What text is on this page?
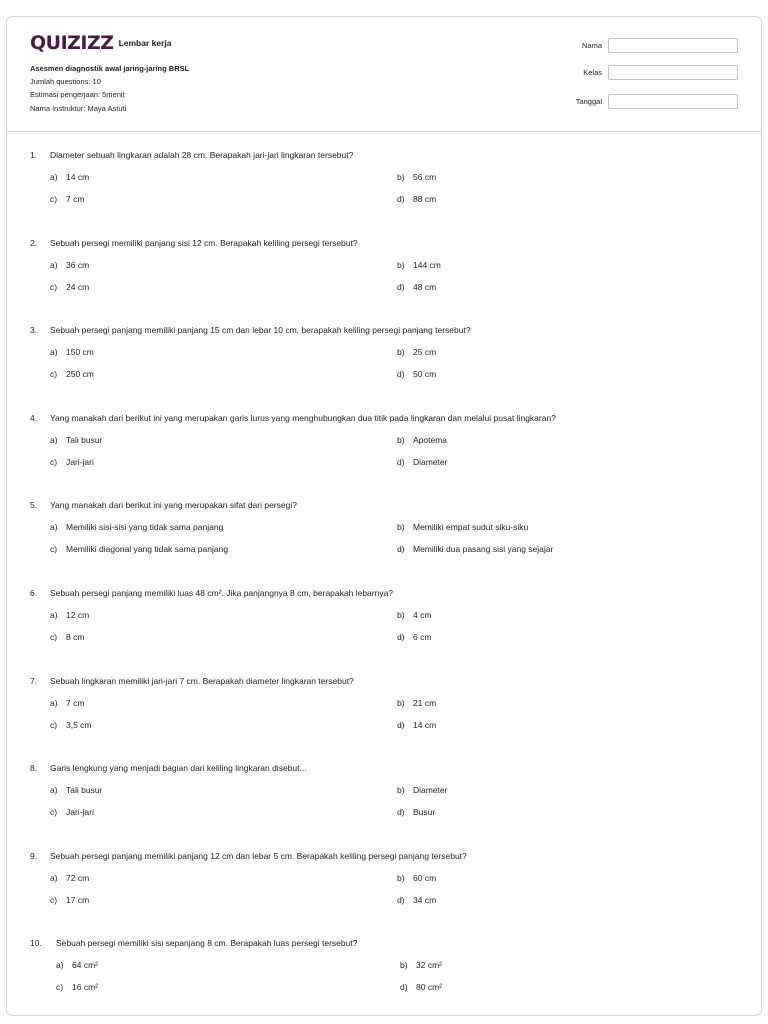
QUIZIZZ Lembar kerja
Asesmen diagnostik awal jaring-jaring BRSL
Jumlah questions: 10
Estimasi pengerjaan: 5menit
Nama Instruktur: Maya Astuti
Nama
Kelas
Tanggal
1. Diameter sebuah lingkaran adalah 28 cm. Berapakah jari-jari lingkaran tersebut?
a) 14 cm	b) 56 cm
c) 7 cm	d) 88 cm
2. Sebuah persegi memiliki panjang sisi 12 cm. Berapakah keliling persegi tersebut?
a) 36 cm	b) 144 cm
c) 24 cm	d) 48 cm
3. Sebuah persegi panjang memiliki panjang 15 cm dan lebar 10 cm. berapakah keliling persegi panjang tersebut?
a) 150 cm	b) 25 cm
c) 250 cm	d) 50 cm
4. Yang manakah dari berikut ini yang merupakan garis lurus yang menghubungkan dua titik pada lingkaran dan melalui pusat lingkaran?
a) Tali busur	b) Apotema
c) Jari-jari	d) Diameter
5. Yang manakah dari berikut ini yang merupakan sifat dari persegi?
a) Memiliki sisi-sisi yang tidak sama panjang	b) Memiliki empat sudut siku-siku
c) Memiliki diagonal yang tidak sama panjang	d) Memiliki dua pasang sisi yang sejajar
6. Sebuah persegi panjang memiliki luas 48 cm². Jika panjangnya 8 cm, berapakah lebarnya?
a) 12 cm	b) 4 cm
c) 8 cm	d) 6 cm
7. Sebuah lingkaran memiliki jari-jari 7 cm. Berapakah diameter lingkaran tersebut?
a) 7 cm	b) 21 cm
c) 3,5 cm	d) 14 cm
8. Garis lengkung yang menjadi bagian dari keliling lingkaran disebut...
a) Tali busur	b) Diameter
c) Jari-jari	d) Busur
9. Sebuah persegi panjang memiliki panjang 12 cm dan lebar 5 cm. Berapakah keliling persegi panjang tersebut?
a) 72 cm	b) 60 cm
c) 17 cm	d) 34 cm
10. Sebuah persegi memiliki sisi sepanjang 8 cm. Berapakah luas persegi tersebut?
a) 64 cm²	b) 32 cm²
c) 16 cm²	d) 80 cm²
